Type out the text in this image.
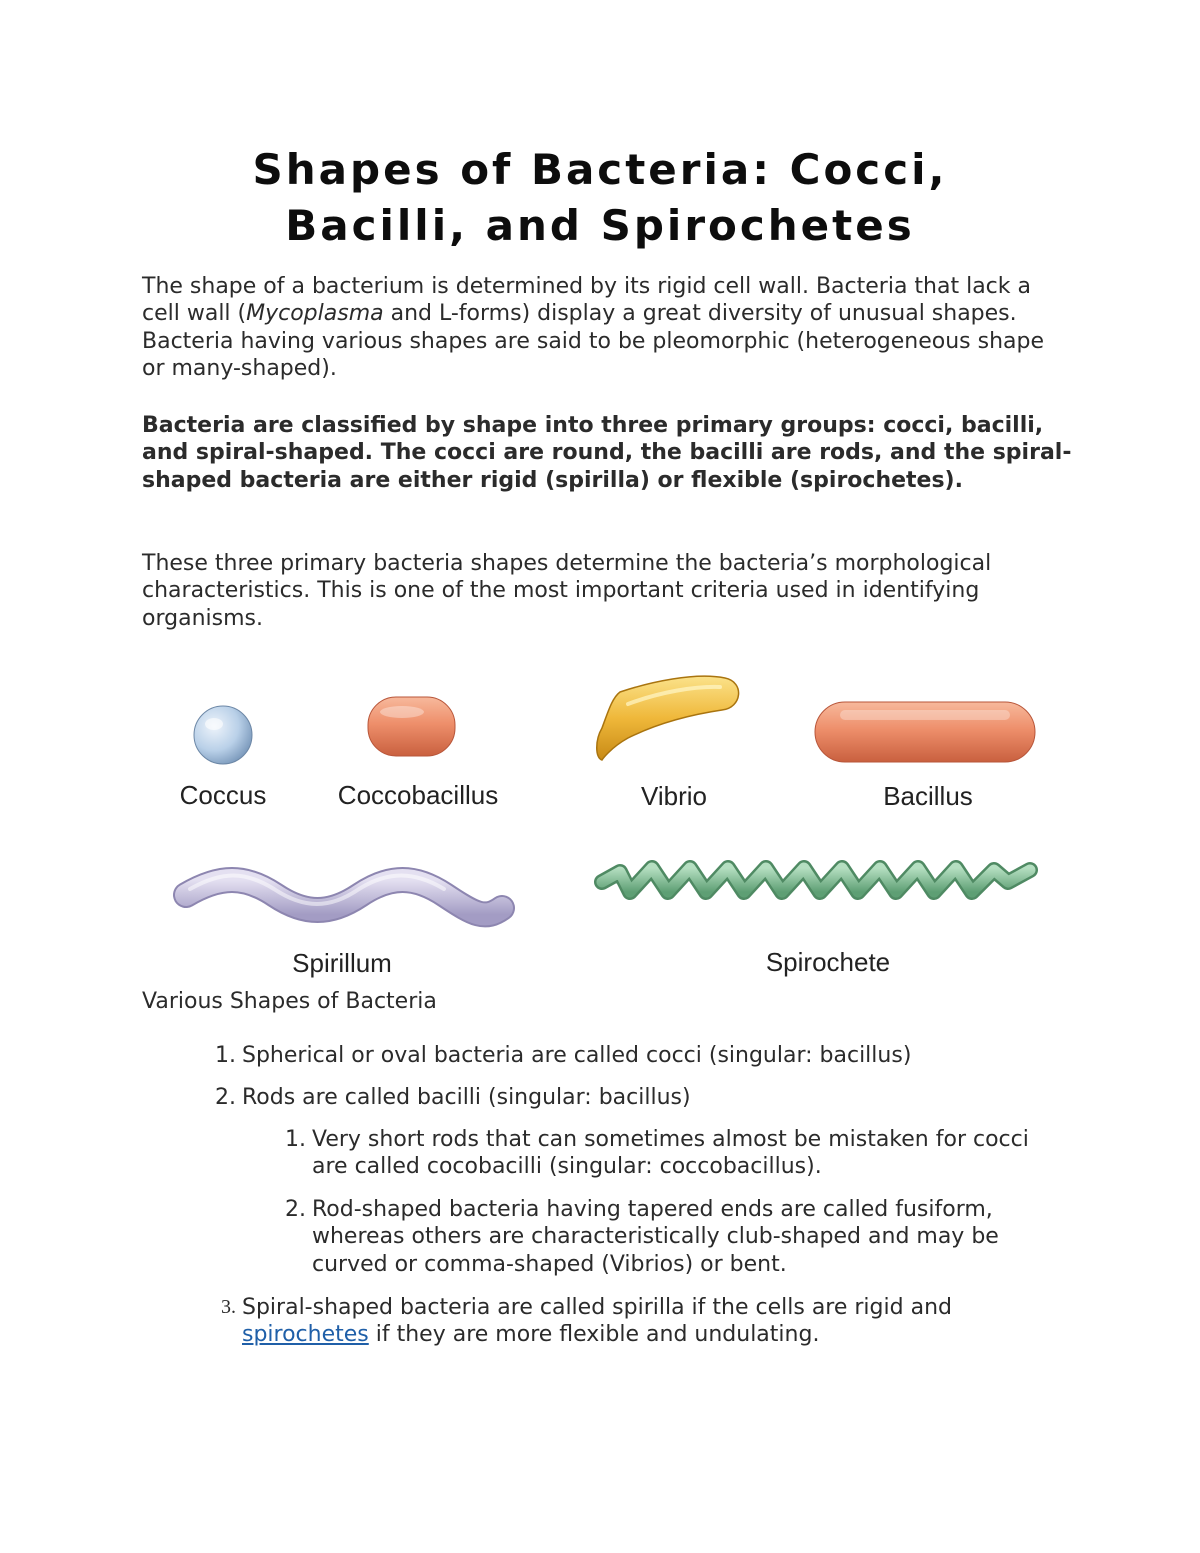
Shapes of Bacteria: Cocci,
Bacilli, and Spirochetes

The shape of a bacterium is determined by its rigid cell wall. Bacteria that lack a cell wall (Mycoplasma and L-forms) display a great diversity of unusual shapes. Bacteria having various shapes are said to be pleomorphic (heterogeneous shape or many-shaped).

Bacteria are classified by shape into three primary groups: cocci, bacilli, and spiral-shaped. The cocci are round, the bacilli are rods, and the spiral-shaped bacteria are either rigid (spirilla) or flexible (spirochetes).

These three primary bacteria shapes determine the bacteria’s morphological characteristics. This is one of the most important criteria used in identifying organisms.

Coccus	Coccobacillus	Vibrio	Bacillus
Spirillum	Spirochete

Various Shapes of Bacteria

1. Spherical or oval bacteria are called cocci (singular: bacillus)
2. Rods are called bacilli (singular: bacillus)
1. Very short rods that can sometimes almost be mistaken for cocci are called cocobacilli (singular: coccobacillus).
2. Rod-shaped bacteria having tapered ends are called fusiform, whereas others are characteristically club-shaped and may be curved or comma-shaped (Vibrios) or bent.
3. Spiral-shaped bacteria are called spirilla if the cells are rigid and spirochetes if they are more flexible and undulating.
